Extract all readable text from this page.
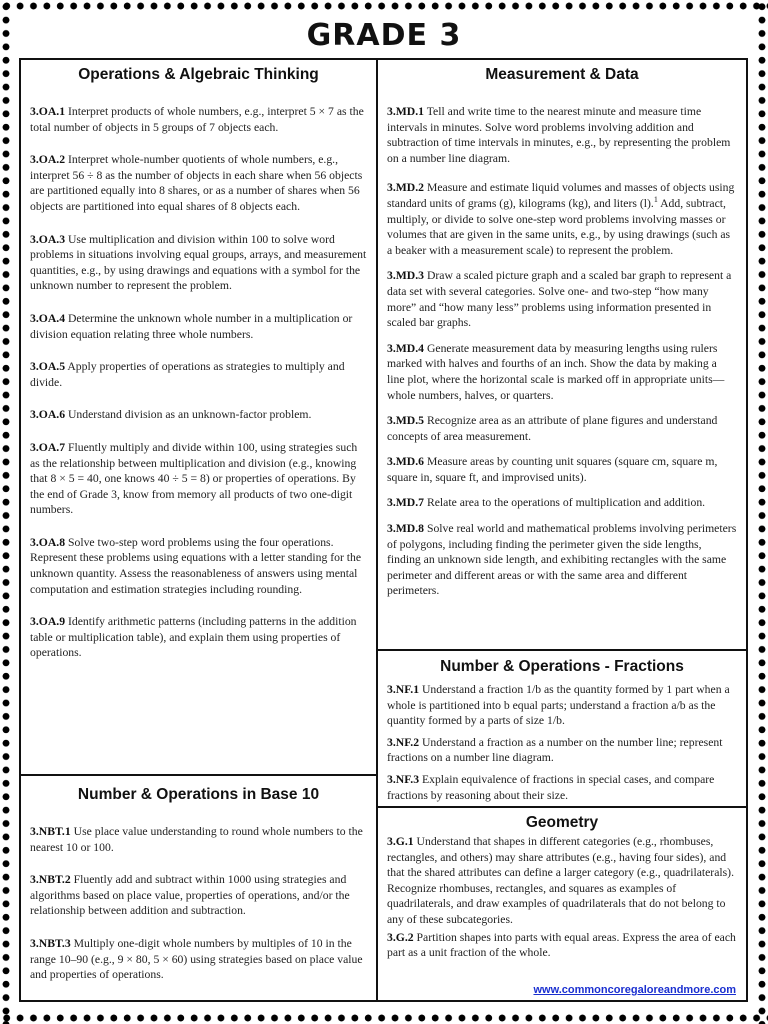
GRADE 3
Operations & Algebraic Thinking

3.OA.1 Interpret products of whole numbers, e.g., interpret 5 × 7 as the total number of objects in 5 groups of 7 objects each.

3.OA.2 Interpret whole-number quotients of whole numbers, e.g., interpret 56 ÷ 8 as the number of objects in each share when 56 objects are partitioned equally into 8 shares, or as a number of shares when 56 objects are partitioned into equal shares of 8 objects each.

3.OA.3 Use multiplication and division within 100 to solve word problems in situations involving equal groups, arrays, and measurement quantities, e.g., by using drawings and equations with a symbol for the unknown number to represent the problem.

3.OA.4 Determine the unknown whole number in a multiplication or division equation relating three whole numbers.

3.OA.5 Apply properties of operations as strategies to multiply and divide.

3.OA.6 Understand division as an unknown-factor problem.

3.OA.7 Fluently multiply and divide within 100, using strategies such as the relationship between multiplication and division (e.g., knowing that 8 × 5 = 40, one knows 40 ÷ 5 = 8) or properties of operations. By the end of Grade 3, know from memory all products of two one-digit numbers.

3.OA.8 Solve two-step word problems using the four operations. Represent these problems using equations with a letter standing for the unknown quantity. Assess the reasonableness of answers using mental computation and estimation strategies including rounding.

3.OA.9 Identify arithmetic patterns (including patterns in the addition table or multiplication table), and explain them using properties of operations.

Number & Operations in Base 10

3.NBT.1 Use place value understanding to round whole numbers to the nearest 10 or 100.

3.NBT.2 Fluently add and subtract within 1000 using strategies and algorithms based on place value, properties of operations, and/or the relationship between addition and subtraction.

3.NBT.3 Multiply one-digit whole numbers by multiples of 10 in the range 10–90 (e.g., 9 × 80, 5 × 60) using strategies based on place value and properties of operations.

Measurement & Data

3.MD.1 Tell and write time to the nearest minute and measure time intervals in minutes. Solve word problems involving addition and subtraction of time intervals in minutes, e.g., by representing the problem on a number line diagram.

3.MD.2 Measure and estimate liquid volumes and masses of objects using standard units of grams (g), kilograms (kg), and liters (l).$^1$ Add, subtract, multiply, or divide to solve one-step word problems involving masses or volumes that are given in the same units, e.g., by using drawings (such as a beaker with a measurement scale) to represent the problem.

3.MD.3 Draw a scaled picture graph and a scaled bar graph to represent a data set with several categories. Solve one- and two-step “how many more” and “how many less” problems using information presented in scaled bar graphs.

3.MD.4 Generate measurement data by measuring lengths using rulers marked with halves and fourths of an inch. Show the data by making a line plot, where the horizontal scale is marked off in appropriate units— whole numbers, halves, or quarters.

3.MD.5 Recognize area as an attribute of plane figures and understand concepts of area measurement.

3.MD.6 Measure areas by counting unit squares (square cm, square m, square in, square ft, and improvised units).

3.MD.7 Relate area to the operations of multiplication and addition.

3.MD.8 Solve real world and mathematical problems involving perimeters of polygons, including finding the perimeter given the side lengths, finding an unknown side length, and exhibiting rectangles with the same perimeter and different areas or with the same area and different perimeters.

Number & Operations - Fractions

3.NF.1 Understand a fraction 1/b as the quantity formed by 1 part when a whole is partitioned into b equal parts; understand a fraction a/b as the quantity formed by a parts of size 1/b.

3.NF.2 Understand a fraction as a number on the number line; represent fractions on a number line diagram.

3.NF.3 Explain equivalence of fractions in special cases, and compare fractions by reasoning about their size.

Geometry

3.G.1 Understand that shapes in different categories (e.g., rhombuses, rectangles, and others) may share attributes (e.g., having four sides), and that the shared attributes can define a larger category (e.g., quadrilaterals). Recognize rhombuses, rectangles, and squares as examples of quadrilaterals, and draw examples of quadrilaterals that do not belong to any of these subcategories.

3.G.2 Partition shapes into parts with equal areas. Express the area of each part as a unit fraction of the whole.

www.commoncoregaloreandmore.com
